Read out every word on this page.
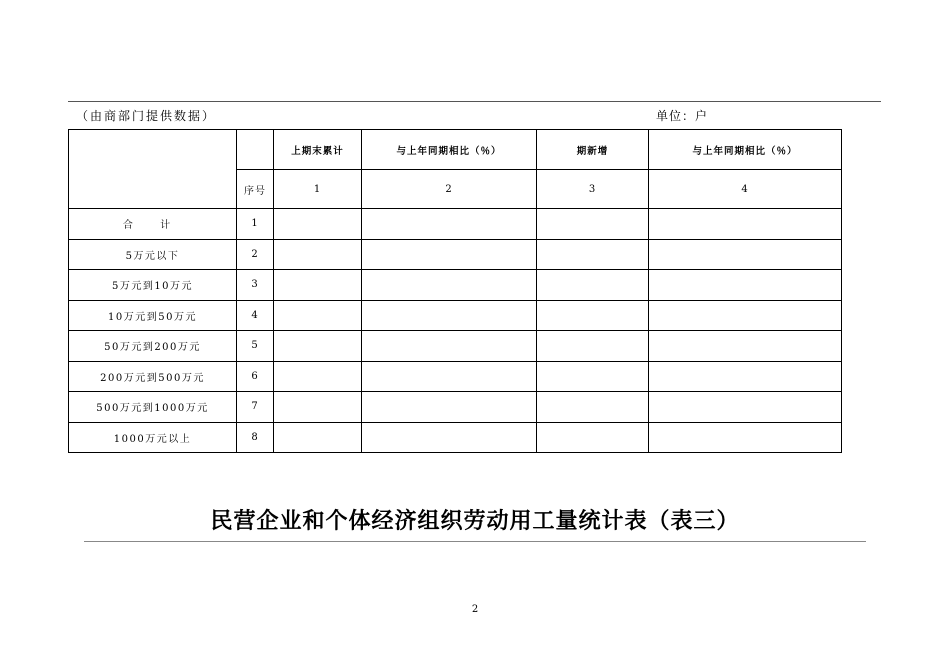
（由商部门提供数据）	单位：户
		上期末累计	与上年同期相比（％）	期新增	与上年同期相比（％）
	序号	1	2	3	4
合 计	1				
5万元以下	2				
5万元到10万元	3				
10万元到50万元	4				
50万元到200万元	5				
200万元到500万元	6				
500万元到1000万元	7				
1000万元以上	8				
民营企业和个体经济组织劳动用工量统计表（表三）
2
